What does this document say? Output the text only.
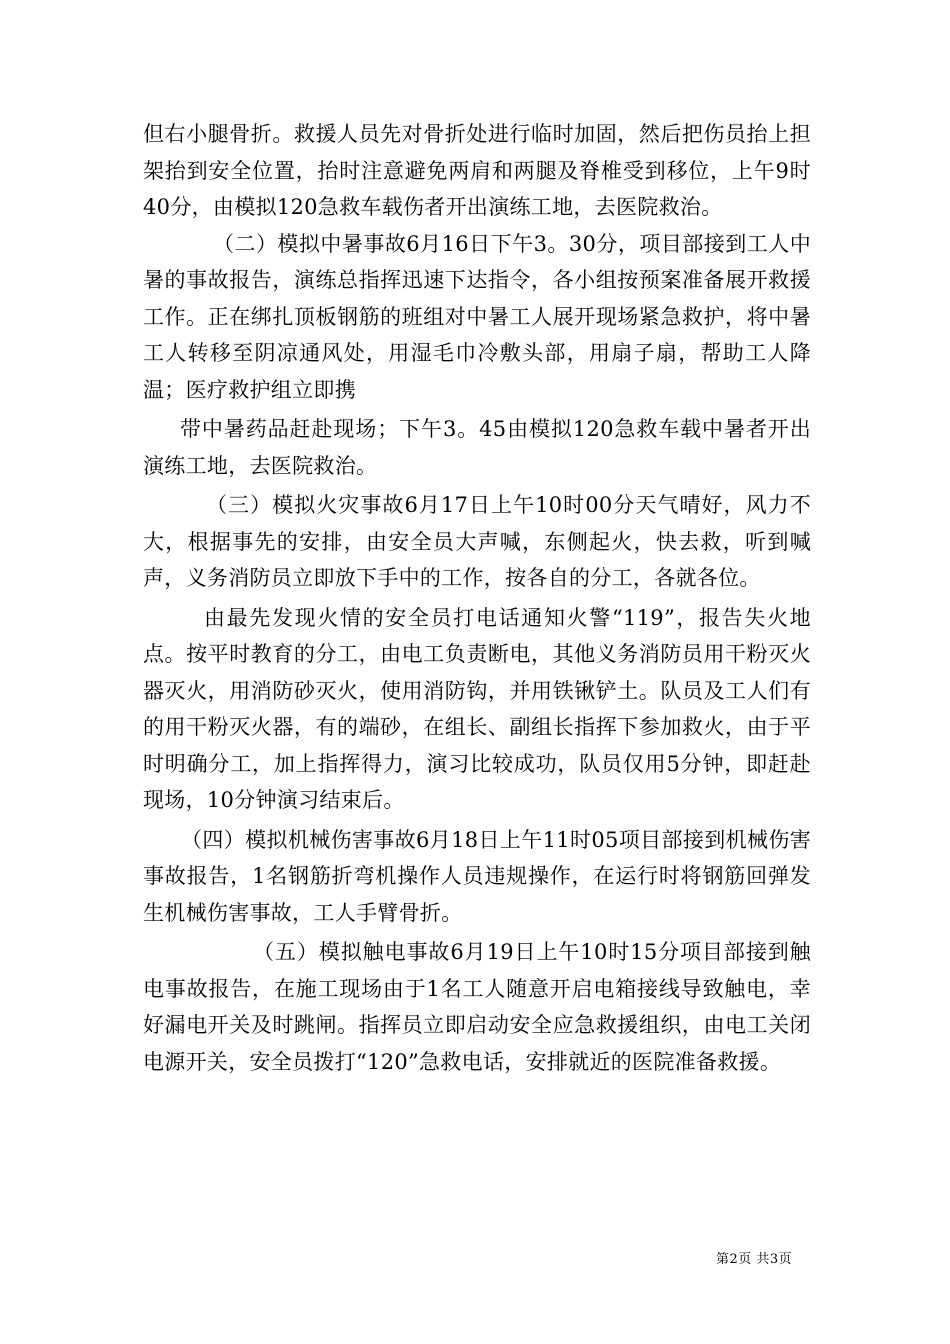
但右小腿骨折。救援人员先对骨折处进行临时加固，然后把伤员抬上担架抬到安全位置，抬时注意避免两肩和两腿及脊椎受到移位，上午9时40分，由模拟120急救车载伤者开出演练工地，去医院救治。

（二）模拟中暑事故6月16日下午3。30分，项目部接到工人中暑的事故报告，演练总指挥迅速下达指令，各小组按预案准备展开救援工作。正在绑扎顶板钢筋的班组对中暑工人展开现场紧急救护，将中暑工人转移至阴凉通风处，用湿毛巾冷敷头部，用扇子扇，帮助工人降温；医疗救护组立即携

带中暑药品赶赴现场；下午3。45由模拟120急救车载中暑者开出演练工地，去医院救治。

（三）模拟火灾事故6月17日上午10时00分天气晴好，风力不大，根据事先的安排，由安全员大声喊，东侧起火，快去救，听到喊声，义务消防员立即放下手中的工作，按各自的分工，各就各位。

由最先发现火情的安全员打电话通知火警“119”，报告失火地点。按平时教育的分工，由电工负责断电，其他义务消防员用干粉灭火器灭火，用消防砂灭火，使用消防钩，并用铁锹铲土。队员及工人们有的用干粉灭火器，有的端砂，在组长、副组长指挥下参加救火，由于平时明确分工，加上指挥得力，演习比较成功，队员仅用5分钟，即赶赴现场，10分钟演习结束后。

（四）模拟机械伤害事故6月18日上午11时05项目部接到机械伤害事故报告，1名钢筋折弯机操作人员违规操作，在运行时将钢筋回弹发生机械伤害事故，工人手臂骨折。

（五）模拟触电事故6月19日上午10时15分项目部接到触电事故报告，在施工现场由于1名工人随意开启电箱接线导致触电，幸好漏电开关及时跳闸。指挥员立即启动安全应急救援组织，由电工关闭电源开关，安全员拨打“120”急救电话，安排就近的医院准备救援。

第2页 共3页
